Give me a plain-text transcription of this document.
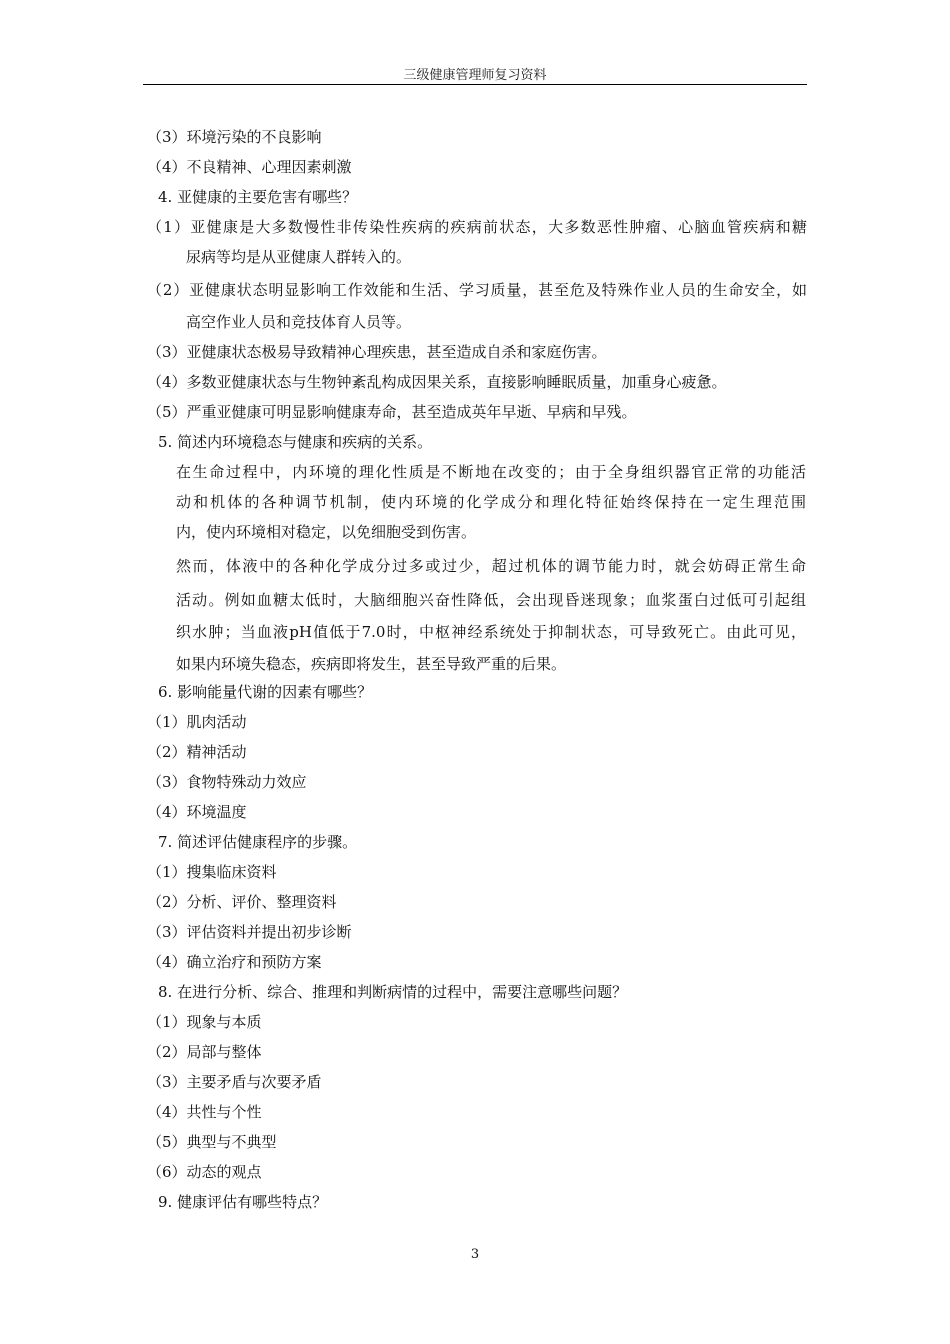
三级健康管理师复习资料
（3）环境污染的不良影响
（4）不良精神、心理因素刺激
4. 亚健康的主要危害有哪些？
（1）亚健康是大多数慢性非传染性疾病的疾病前状态，大多数恶性肿瘤、心脑血管疾病和糖
尿病等均是从亚健康人群转入的。
（2）亚健康状态明显影响工作效能和生活、学习质量，甚至危及特殊作业人员的生命安全，如
高空作业人员和竞技体育人员等。
（3）亚健康状态极易导致精神心理疾患，甚至造成自杀和家庭伤害。
（4）多数亚健康状态与生物钟紊乱构成因果关系，直接影响睡眠质量，加重身心疲惫。
（5）严重亚健康可明显影响健康寿命，甚至造成英年早逝、早病和早残。
5. 简述内环境稳态与健康和疾病的关系。
在生命过程中，内环境的理化性质是不断地在改变的；由于全身组织器官正常的功能活
动和机体的各种调节机制，使内环境的化学成分和理化特征始终保持在一定生理范围
内，使内环境相对稳定，以免细胞受到伤害。
然而，体液中的各种化学成分过多或过少，超过机体的调节能力时，就会妨碍正常生命
活动。例如血糖太低时，大脑细胞兴奋性降低，会出现昏迷现象；血浆蛋白过低可引起组
织水肿；当血液pH值低于7.0时，中枢神经系统处于抑制状态，可导致死亡。由此可见，
如果内环境失稳态，疾病即将发生，甚至导致严重的后果。
6. 影响能量代谢的因素有哪些？
（1）肌肉活动
（2）精神活动
（3）食物特殊动力效应
（4）环境温度
7. 简述评估健康程序的步骤。
（1）搜集临床资料
（2）分析、评价、整理资料
（3）评估资料并提出初步诊断
（4）确立治疗和预防方案
8. 在进行分析、综合、推理和判断病情的过程中，需要注意哪些问题？
（1）现象与本质
（2）局部与整体
（3）主要矛盾与次要矛盾
（4）共性与个性
（5）典型与不典型
（6）动态的观点
9. 健康评估有哪些特点？
3
